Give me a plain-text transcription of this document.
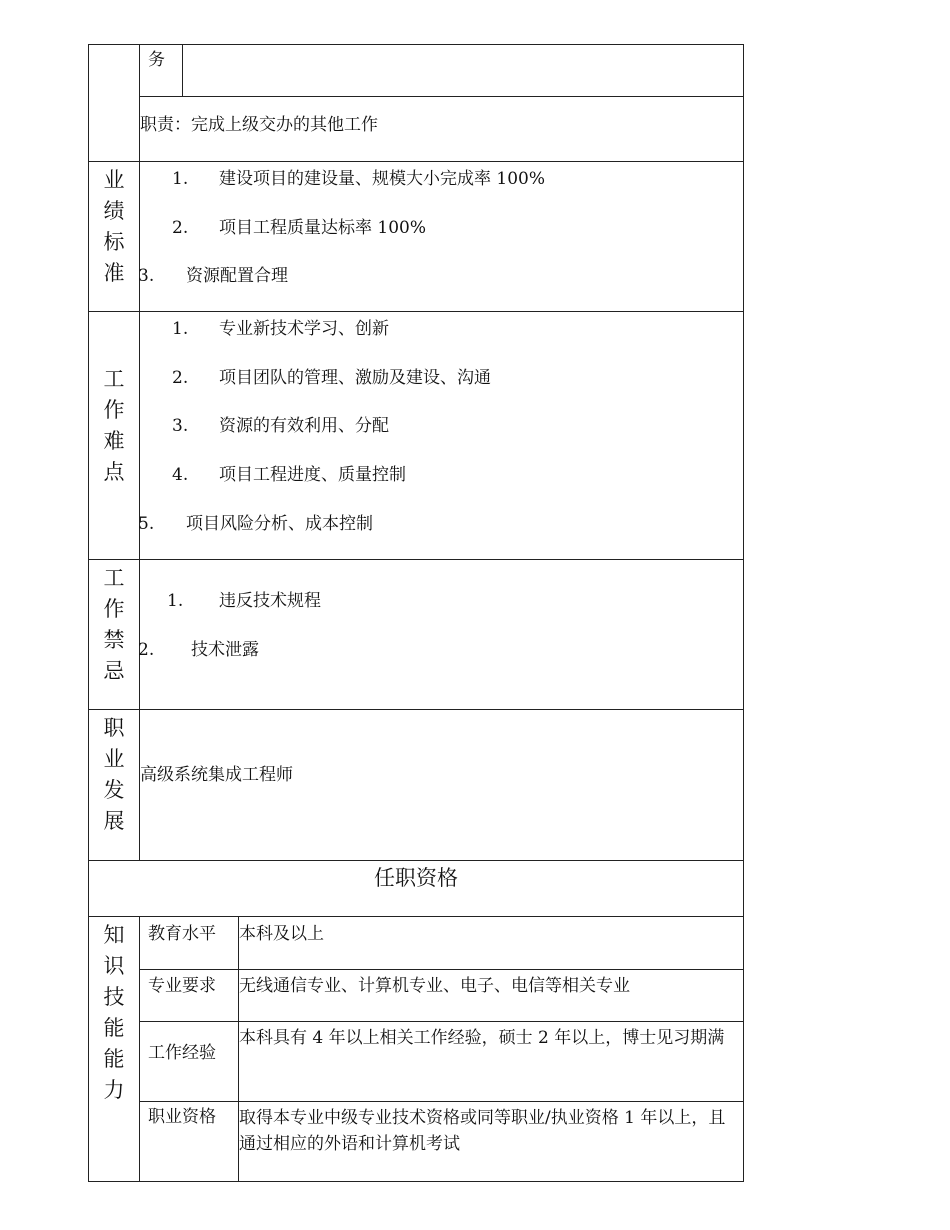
务
职责：完成上级交办的其他工作
业
绩
标
准
1. 建设项目的建设量、规模大小完成率 100%
2. 项目工程质量达标率 100%
3. 资源配置合理
工
作
难
点
1. 专业新技术学习、创新
2. 项目团队的管理、激励及建设、沟通
3. 资源的有效利用、分配
4. 项目工程进度、质量控制
5. 项目风险分析、成本控制
工
作
禁
忌
1. 违反技术规程
2. 技术泄露
职
业
发
展
高级系统集成工程师
任职资格
知
识
技
能
能
力
教育水平 本科及以上
专业要求 无线通信专业、计算机专业、电子、电信等相关专业
工作经验
本科具有 4 年以上相关工作经验，硕士 2 年以上，博士见习期满
职业资格 取得本专业中级专业技术资格或同等职业/执业资格 1 年以上，且通过相应的外语和计算机考试
